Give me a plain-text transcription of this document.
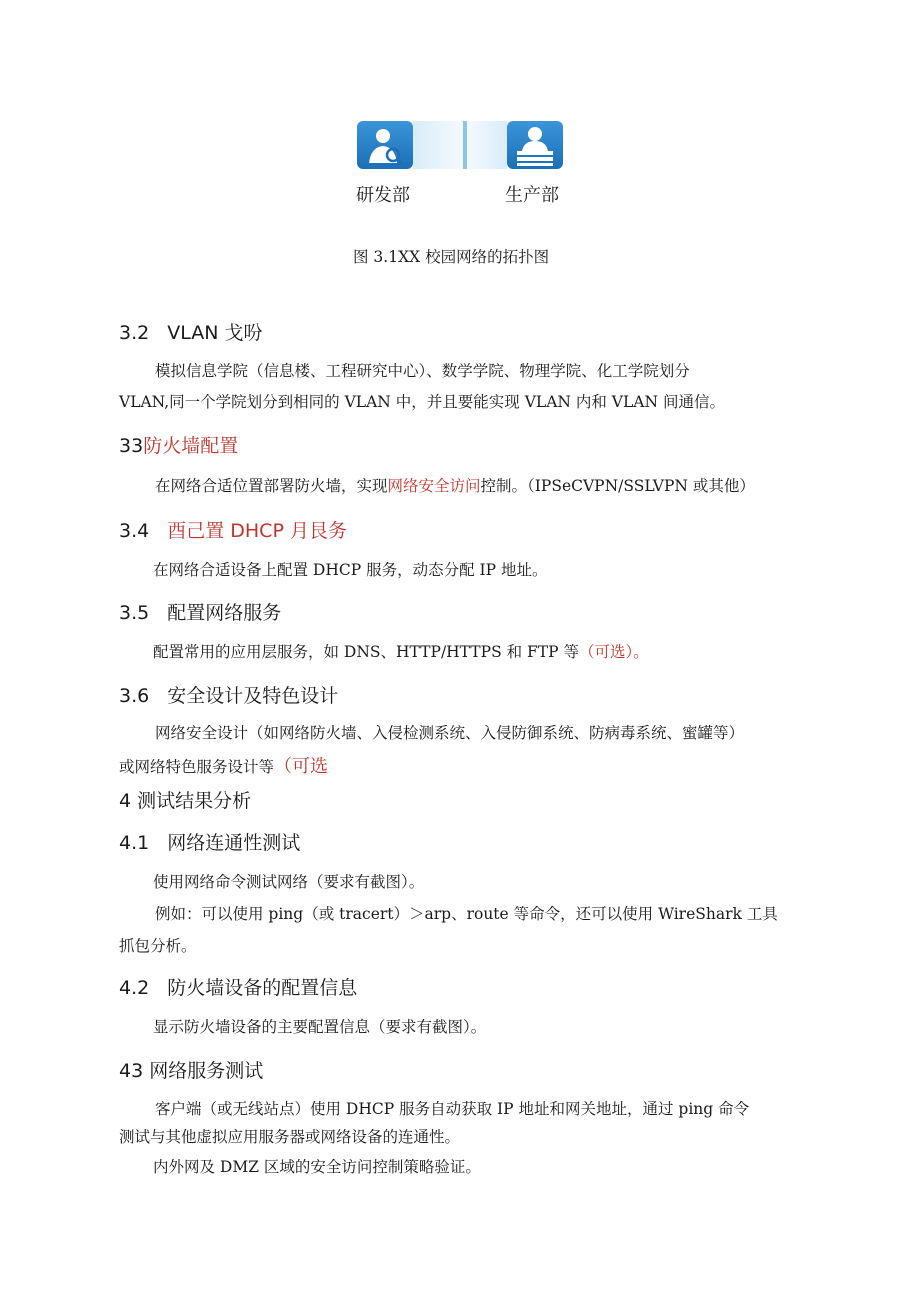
研发部	生产部
图 3.1XX 校园网络的拓扑图
3.2 VLAN 戈吩
模拟信息学院（信息楼、工程研究中心）、数学学院、物理学院、化工学院划分
VLAN,同一个学院划分到相同的 VLAN 中，并且要能实现 VLAN 内和 VLAN 间通信。
33防火墙配置
在网络合适位置部署防火墙，实现网络安全访问控制。（IPSeCVPN/SSLVPN 或其他）
3.4 酉己置 DHCP 月艮务
在网络合适设备上配置 DHCP 服务，动态分配 IP 地址。
3.5 配置网络服务
配置常用的应用层服务，如 DNS、HTTP/HTTPS 和 FTP 等（可选）。
3.6 安全设计及特色设计
网络安全设计（如网络防火墙、入侵检测系统、入侵防御系统、防病毒系统、蜜罐等）
或网络特色服务设计等（可选
4 测试结果分析
4.1 网络连通性测试
使用网络命令测试网络（要求有截图）。
例如：可以使用 ping（或 tracert）＞arp、route 等命令，还可以使用 WireShark 工具
抓包分析。
4.2 防火墙设备的配置信息
显示防火墙设备的主要配置信息（要求有截图）。
43 网络服务测试
客户端（或无线站点）使用 DHCP 服务自动获取 IP 地址和网关地址，通过 ping 命令
测试与其他虚拟应用服务器或网络设备的连通性。
内外网及 DMZ 区域的安全访问控制策略验证。
